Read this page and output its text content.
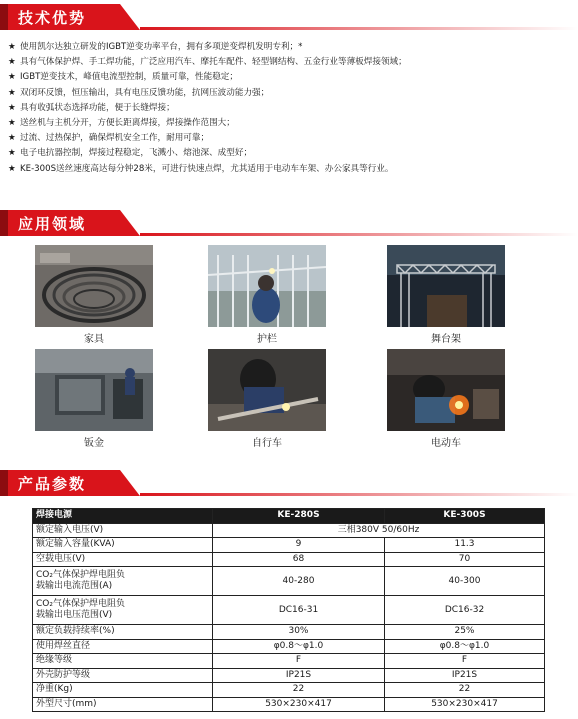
技术优势
★ 使用凯尔达独立研发的IGBT逆变功率平台，拥有多项逆变焊机发明专利；*
★ 具有气体保护焊、手工焊功能，广泛应用汽车、摩托车配件、轻型钢结构、五金行业等薄板焊接领域；
★ IGBT逆变技术，峰值电流型控制，质量可靠，性能稳定；
★ 双闭环反馈，恒压输出，具有电压反馈功能，抗网压波动能力强；
★ 具有收弧状态选择功能，便于长缝焊接；
★ 送丝机与主机分开，方便长距离焊接，焊接操作范围大；
★ 过流、过热保护，确保焊机安全工作，耐用可靠；
★ 电子电抗器控制，焊接过程稳定，飞溅小、熔池深、成型好；
★ KE-300S送丝速度高达每分钟28米，可进行快速点焊，尤其适用于电动车车架、办公家具等行业。
应用领域
家具	护栏	舞台架
钣金	自行车	电动车
产品参数
焊接电源	KE-280S	KE-300S
额定输入电压(V)	三相380V 50/60Hz	
额定输入容量(KVA)	9	11.3
空载电压(V)	68	70

CO₂气体保护焊电阻负
载输出电流范围(A)	40-280	40-300

CO₂气体保护焊电阻负
载输出电压范围(V)	DC16-31	DC16-32
额定负载持续率(%)	30%	25%
使用焊丝直径	φ0.8～φ1.0	φ0.8～φ1.0
绝缘等级	F	F
外壳防护等级	IP21S	IP21S
净重(Kg)	22	22
外型尺寸(mm)	530×230×417	530×230×417
